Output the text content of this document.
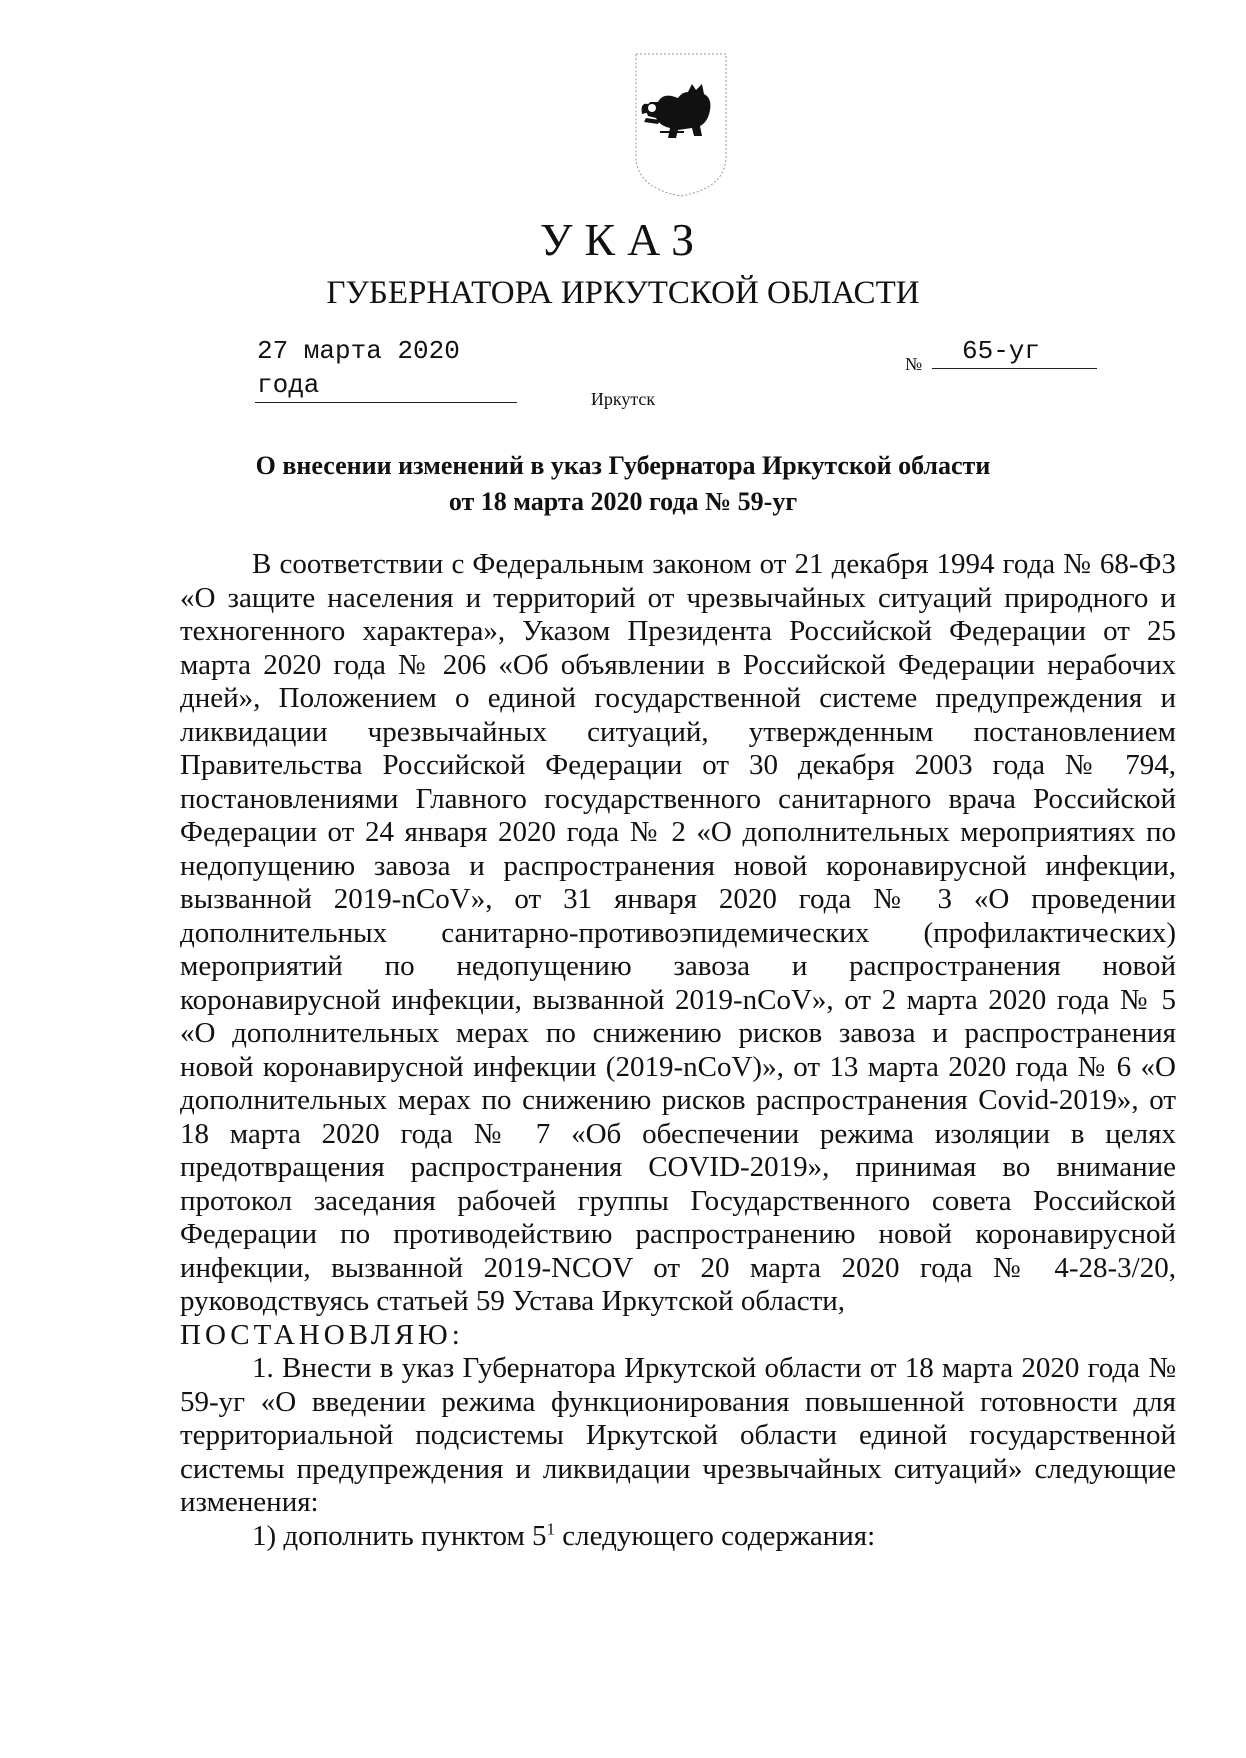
УКАЗ
ГУБЕРНАТОРА ИРКУТСКОЙ ОБЛАСТИ
27 марта 2020 года
№	65-уг
Иркутск
О внесении изменений в указ Губернатора Иркутской области
от 18 марта 2020 года № 59-уг

В соответствии с Федеральным законом от 21 декабря 1994 года № 68-ФЗ «О защите населения и территорий от чрезвычайных ситуаций природного и техногенного характера», Указом Президента Российской Федерации от 25 марта 2020 года № 206 «Об объявлении в Российской Федерации нерабочих дней», Положением о единой государственной системе предупреждения и ликвидации чрезвычайных ситуаций, утвержденным постановлением Правительства Российской Федерации от 30 декабря 2003 года № 794, постановлениями Главного государственного санитарного врача Российской Федерации от 24 января 2020 года № 2 «О дополнительных мероприятиях по недопущению завоза и распространения новой коронавирусной инфекции, вызванной 2019-nCoV», от 31 января 2020 года № 3 «О проведении дополнительных санитарно-противоэпидемических (профилактических) мероприятий по недопущению завоза и распространения новой коронавирусной инфекции, вызванной 2019-nCoV», от 2 марта 2020 года № 5 «О дополнительных мерах по снижению рисков завоза и распространения новой коронавирусной инфекции (2019-nCoV)», от 13 марта 2020 года № 6 «О дополнительных мерах по снижению рисков распространения Covid-2019», от 18 марта 2020 года № 7 «Об обеспечении режима изоляции в целях предотвращения распространения COVID-2019», принимая во внимание протокол заседания рабочей группы Государственного совета Российской Федерации по противодействию распространению новой коронавирусной инфекции, вызванной 2019-NCOV от 20 марта 2020 года № 4-28-3/20, руководствуясь статьей 59 Устава Иркутской области,

ПОСТАНОВЛЯЮ:

1. Внести в указ Губернатора Иркутской области от 18 марта 2020 года № 59-уг «О введении режима функционирования повышенной готовности для территориальной подсистемы Иркутской области единой государственной системы предупреждения и ликвидации чрезвычайных ситуаций» следующие изменения:

1) дополнить пунктом $5^1$ следующего содержания:
